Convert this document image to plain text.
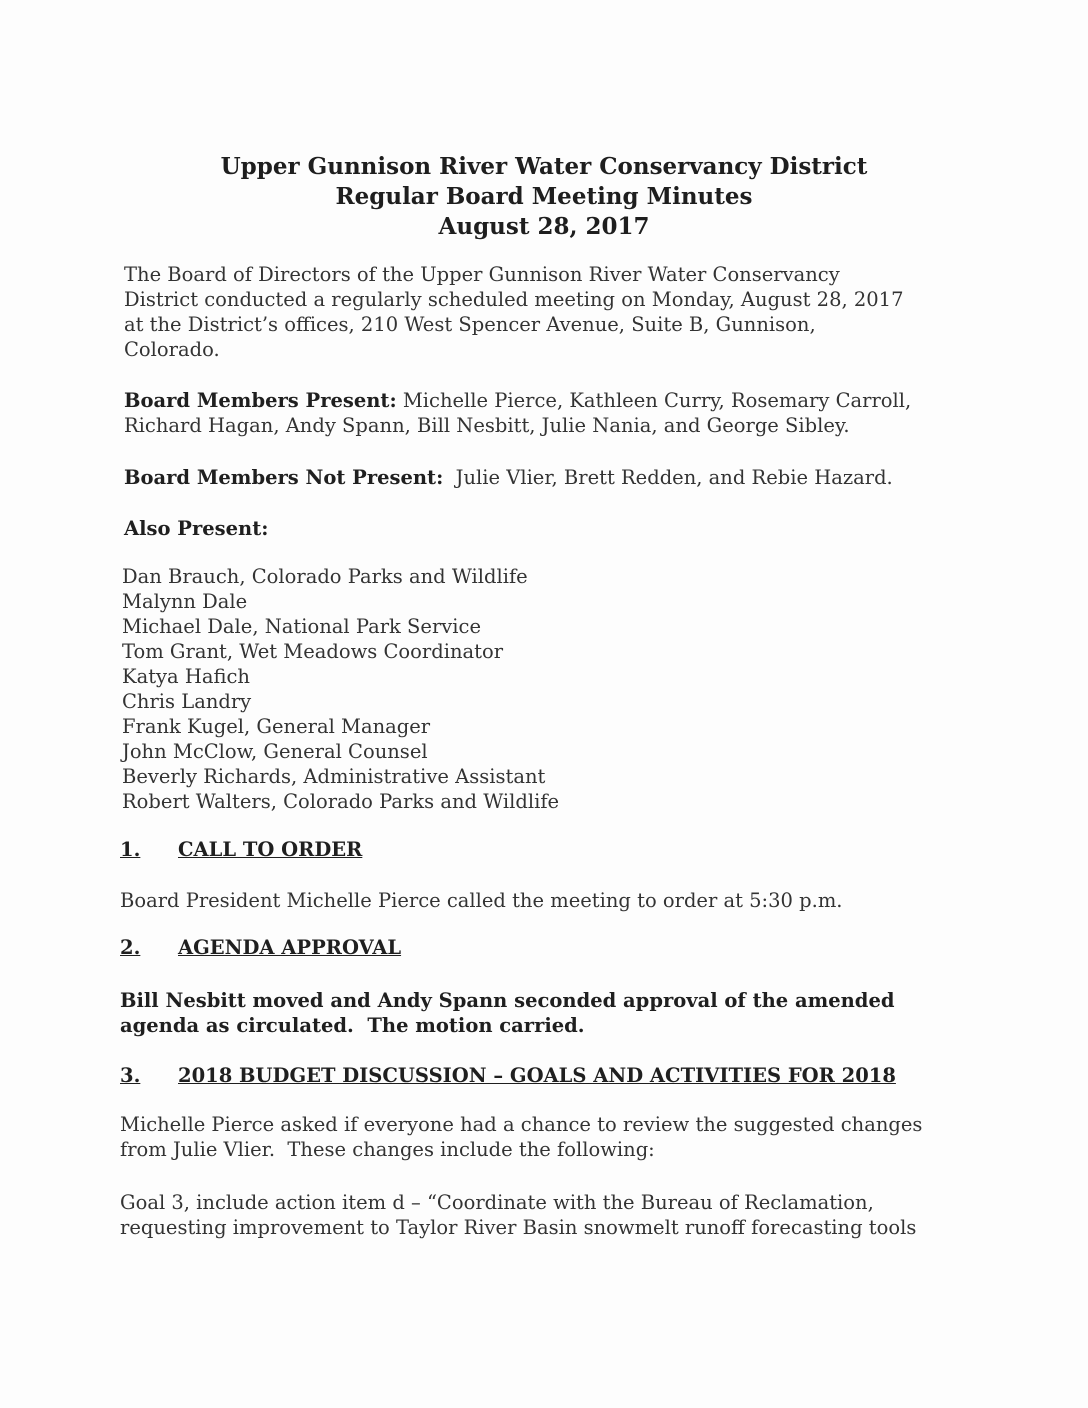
Upper Gunnison River Water Conservancy District
Regular Board Meeting Minutes
August 28, 2017
The Board of Directors of the Upper Gunnison River Water Conservancy
District conducted a regularly scheduled meeting on Monday, August 28, 2017
at the District’s offices, 210 West Spencer Avenue, Suite B, Gunnison,
Colorado.
Board Members Present: Michelle Pierce, Kathleen Curry, Rosemary Carroll,
Richard Hagan, Andy Spann, Bill Nesbitt, Julie Nania, and George Sibley.
Board Members Not Present:  Julie Vlier, Brett Redden, and Rebie Hazard.
Also Present:
Dan Brauch, Colorado Parks and Wildlife
Malynn Dale
Michael Dale, National Park Service
Tom Grant, Wet Meadows Coordinator
Katya Hafich
Chris Landry
Frank Kugel, General Manager
John McClow, General Counsel
Beverly Richards, Administrative Assistant
Robert Walters, Colorado Parks and Wildlife
1. CALL TO ORDER
Board President Michelle Pierce called the meeting to order at 5:30 p.m.
2. AGENDA APPROVAL
Bill Nesbitt moved and Andy Spann seconded approval of the amended
agenda as circulated.  The motion carried.
3. 2018 BUDGET DISCUSSION – GOALS AND ACTIVITIES FOR 2018
Michelle Pierce asked if everyone had a chance to review the suggested changes
from Julie Vlier.  These changes include the following:
Goal 3, include action item d – “Coordinate with the Bureau of Reclamation,
requesting improvement to Taylor River Basin snowmelt runoff forecasting tools
